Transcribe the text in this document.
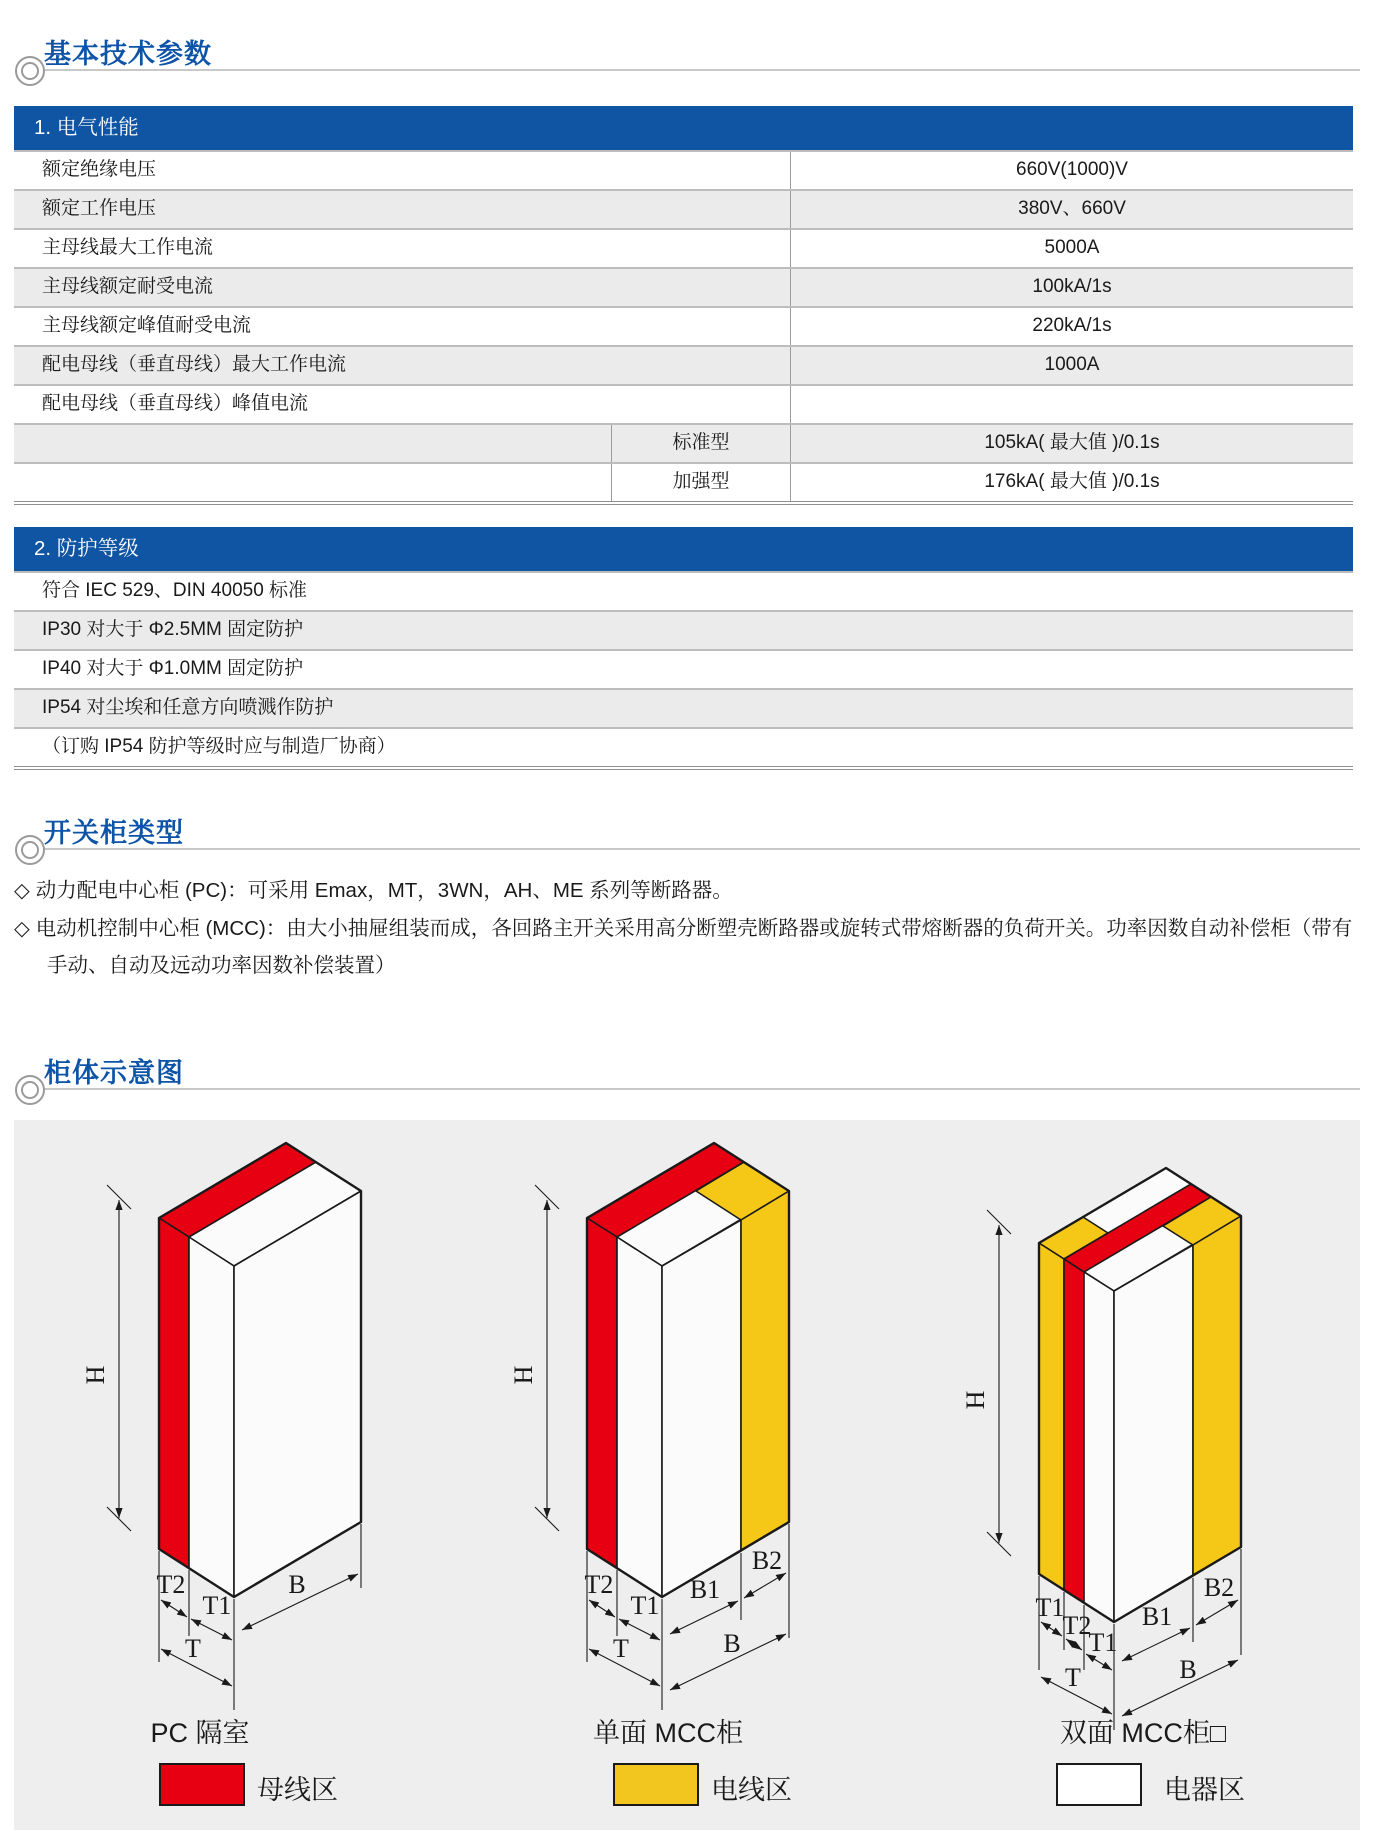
基本技术参数
1. 电气性能
额定绝缘电压	660V(1000)V
额定工作电压	380V、660V
主母线最大工作电流	5000A
主母线额定耐受电流	100kA/1s
主母线额定峰值耐受电流	220kA/1s
配电母线（垂直母线）最大工作电流	1000A
配电母线（垂直母线）峰值电流
标准型	105kA( 最大值 )/0.1s
加强型	176kA( 最大值 )/0.1s
2. 防护等级
符合 IEC 529、DIN 40050 标准
IP30 对大于 Φ2.5MM 固定防护
IP40 对大于 Φ1.0MM 固定防护
IP54 对尘埃和任意方向喷溅作防护
（订购 IP54 防护等级时应与制造厂协商）
开关柜类型

◇ 动力配电中心柜 (PC)：可采用 Emax，MT，3WN，AH、ME 系列等断路器。

◇ 电动机控制中心柜 (MCC)：由大小抽屉组装而成，各回路主开关采用高分断塑壳断路器或旋转式带熔断器的负荷开关。功率因数自动补偿柜（带有手动、自动及远动功率因数补偿装置）

柜体示意图
H
T2
T1
B
T
H
T2
T1
B1
B2
T	B
H
T1
T2
T1
B1
B2
T	B
PC 隔室	单面 MCC柜	双面 MCC柜□
母线区	电线区	电器区
